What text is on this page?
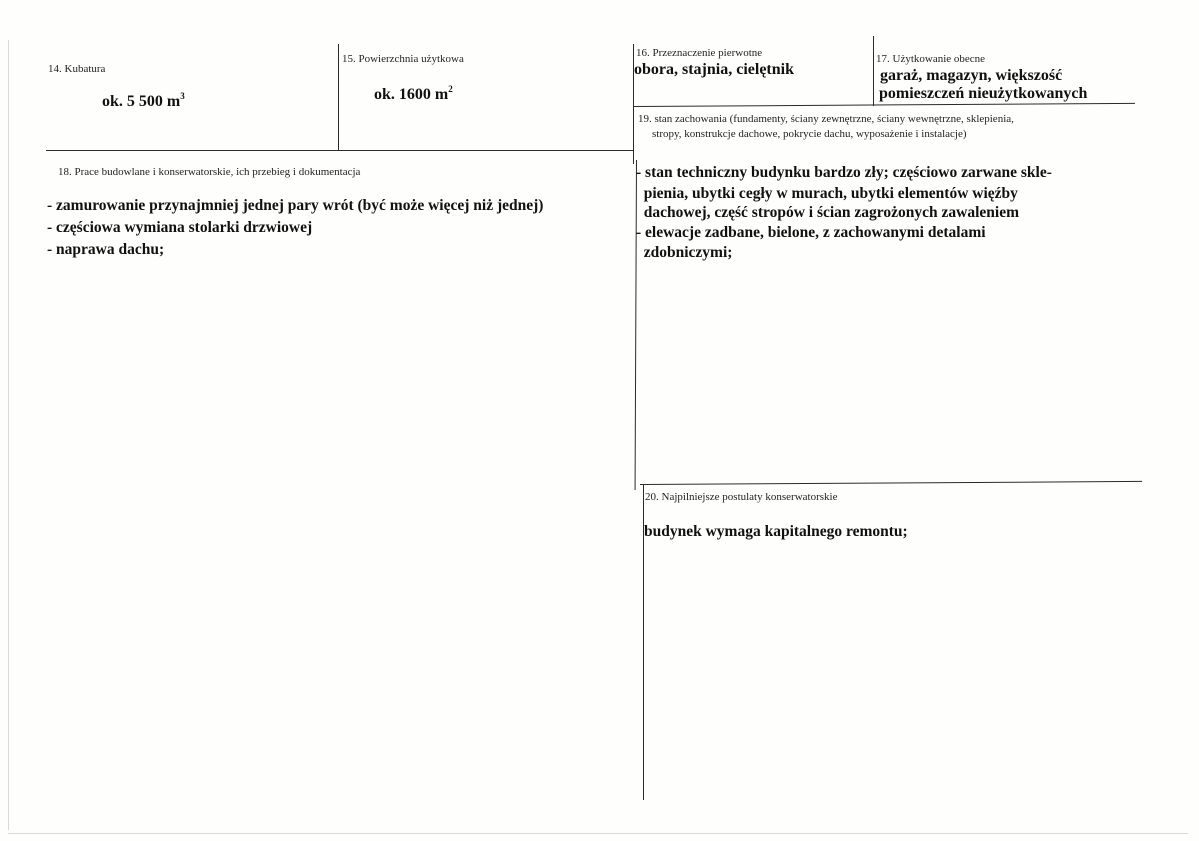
14. Kubatura
ok. 5 500 $m^3$
15. Powierzchnia użytkowa
ok. 1600 $m^2$
16. Przeznaczenie pierwotne
obora, stajnia, cielętnik
17. Użytkowanie obecne
garaż, magazyn, większość
pomieszczeń nieużytkowanych
18. Prace budowlane i konserwatorskie, ich przebieg i dokumentacja
- zamurowanie przynajmniej jednej pary wrót (być może więcej niż jednej)
- częściowa wymiana stolarki drzwiowej
- naprawa dachu;
19. stan zachowania (fundamenty, ściany zewnętrzne, ściany wewnętrzne, sklepienia,
stropy, konstrukcje dachowe, pokrycie dachu, wyposażenie i instalacje)
- stan techniczny budynku bardzo zły; częściowo zarwane skle-
pienia, ubytki cegły w murach, ubytki elementów więźby
dachowej, część stropów i ścian zagrożonych zawaleniem
- elewacje zadbane, bielone, z zachowanymi detalami
zdobniczymi;
20. Najpilniejsze postulaty konserwatorskie
budynek wymaga kapitalnego remontu;
